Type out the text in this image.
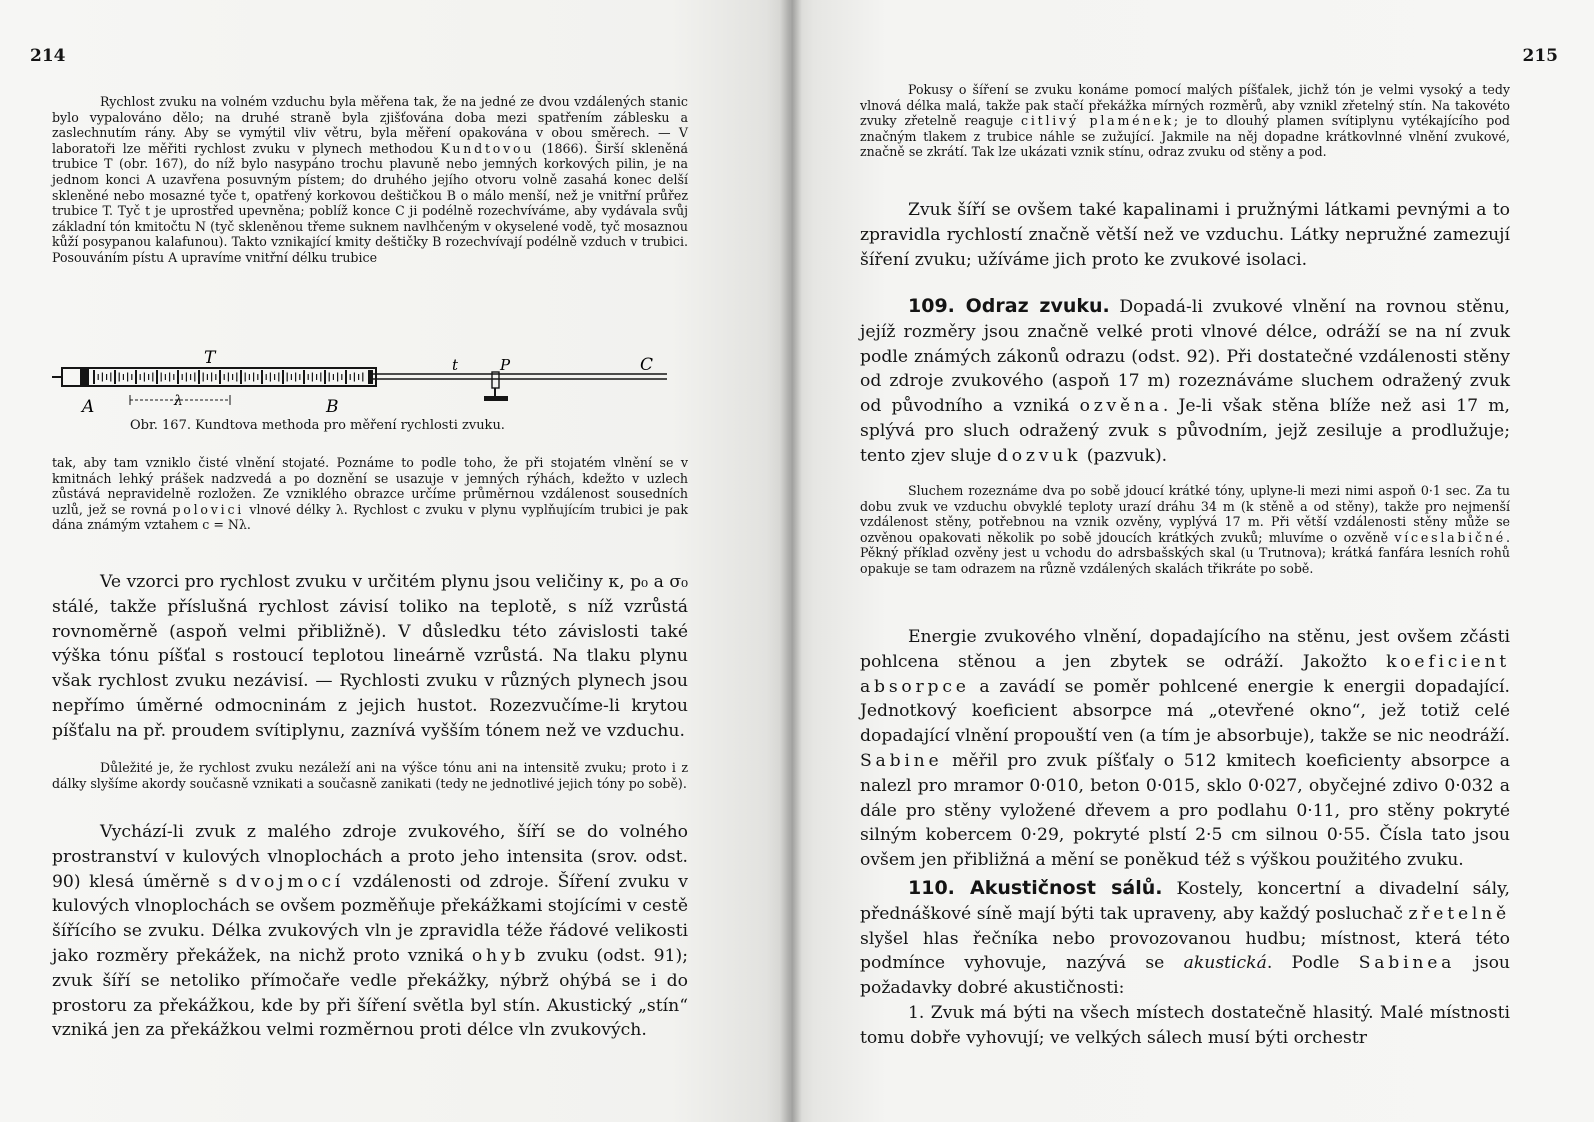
214

Rychlost zvuku na volném vzduchu byla měřena tak, že na jedné ze dvou vzdálených stanic bylo vypalováno dělo; na druhé straně byla zjišťována doba mezi spatřením záblesku a zaslechnutím rány. Aby se vymýtil vliv větru, byla měření opakována v obou směrech. — V laboratoři lze měřiti rychlost zvuku v plynech methodou Kundtovou (1866). Širší skleněná trubice T (obr. 167), do níž bylo nasypáno trochu plavuně nebo jemných korkových pilin, je na jednom konci A uzavřena posuvným pístem; do druhého jejího otvoru volně zasahá konec delší skleněné nebo mosazné tyče t, opatřený korkovou deštičkou B o málo menší, než je vnitřní průřez trubice T. Tyč t je uprostřed upevněna; poblíž konce C ji podélně rozechvíváme, aby vydávala svůj základní tón kmitočtu N (tyč skleněnou třeme suknem navlhčeným v okyselené vodě, tyč mosaznou kůží posypanou kalafunou). Takto vznikající kmity deštičky B rozechvívají podélně vzduch v trubici. Posouváním pístu A upravíme vnitřní délku trubice

T	t	P	C
A	λ	B
Obr. 167. Kundtova methoda pro měření rychlosti zvuku.

tak, aby tam vzniklo čisté vlnění stojaté. Poznáme to podle toho, že při stojatém vlnění se v kmitnách lehký prášek nadzvedá a po doznění se usazuje v jemných rýhách, kdežto v uzlech zůstává nepravidelně rozložen. Ze vzniklého obrazce určíme průměrnou vzdálenost sousedních uzlů, jež se rovná polovici vlnové délky λ. Rychlost c zvuku v plynu vyplňujícím trubici je pak dána známým vztahem c = Nλ.

Ve vzorci pro rychlost zvuku v určitém plynu jsou veličiny κ, p₀ a σ₀ stálé, takže příslušná rychlost závisí toliko na teplotě, s níž vzrůstá rovnoměrně (aspoň velmi přibližně). V důsledku této závislosti také výška tónu píšťal s rostoucí teplotou lineárně vzrůstá. Na tlaku plynu však rychlost zvuku nezávisí. — Rychlosti zvuku v různých plynech jsou nepřímo úměrné odmocninám z jejich hustot. Rozezvučíme-li krytou píšťalu na př. proudem svítiplynu, zaznívá vyšším tónem než ve vzduchu.

Důležité je, že rychlost zvuku nezáleží ani na výšce tónu ani na intensitě zvuku; proto i z dálky slyšíme akordy současně vznikati a současně zanikati (tedy ne jednotlivé jejich tóny po sobě).

Vychází-li zvuk z malého zdroje zvukového, šíří se do volného prostranství v kulových vlnoplochách a proto jeho intensita (srov. odst. 90) klesá úměrně s dvojmocí vzdálenosti od zdroje. Šíření zvuku v kulových vlnoplochách se ovšem pozměňuje překážkami stojícími v cestě šířícího se zvuku. Délka zvukových vln je zpravidla téže řádové velikosti jako rozměry překážek, na nichž proto vzniká ohyb zvuku (odst. 91); zvuk šíří se netoliko přímočaře vedle překážky, nýbrž ohýbá se i do prostoru za překážkou, kde by při šíření světla byl stín. Akustický „stín“ vzniká jen za překážkou velmi rozměrnou proti délce vln zvukových.

215

Pokusy o šíření se zvuku konáme pomocí malých píšťalek, jichž tón je velmi vysoký a tedy vlnová délka malá, takže pak stačí překážka mírných rozměrů, aby vznikl zřetelný stín. Na takovéto zvuky zřetelně reaguje citlivý plamének; je to dlouhý plamen svítiplynu vytékajícího pod značným tlakem z trubice náhle se zužující. Jakmile na něj dopadne krátkovlnné vlnění zvukové, značně se zkrátí. Tak lze ukázati vznik stínu, odraz zvuku od stěny a pod.

Zvuk šíří se ovšem také kapalinami i pružnými látkami pevnými a to zpravidla rychlostí značně větší než ve vzduchu. Látky nepružné zamezují šíření zvuku; užíváme jich proto ke zvukové isolaci.

109. Odraz zvuku. Dopadá-li zvukové vlnění na rovnou stěnu, jejíž rozměry jsou značně velké proti vlnové délce, odráží se na ní zvuk podle známých zákonů odrazu (odst. 92). Při dostatečné vzdálenosti stěny od zdroje zvukového (aspoň 17 m) rozeznáváme sluchem odražený zvuk od původního a vzniká ozvěna. Je-li však stěna blíže než asi 17 m, splývá pro sluch odražený zvuk s původním, jejž zesiluje a prodlužuje; tento zjev sluje dozvuk (pazvuk).

Sluchem rozeznáme dva po sobě jdoucí krátké tóny, uplyne-li mezi nimi aspoň 0·1 sec. Za tu dobu zvuk ve vzduchu obvyklé teploty urazí dráhu 34 m (k stěně a od stěny), takže pro nejmenší vzdálenost stěny, potřebnou na vznik ozvěny, vyplývá 17 m. Při větší vzdálenosti stěny může se ozvěnou opakovati několik po sobě jdoucích krátkých zvuků; mluvíme o ozvěně víceslabičné. Pěkný příklad ozvěny jest u vchodu do adrsbašských skal (u Trutnova); krátká fanfára lesních rohů opakuje se tam odrazem na různě vzdálených skalách třikráte po sobě.

Energie zvukového vlnění, dopadajícího na stěnu, jest ovšem zčásti pohlcena stěnou a jen zbytek se odráží. Jakožto koeficient absorpce a zavádí se poměr pohlcené energie k energii dopadající. Jednotkový koeficient absorpce má „otevřené okno“, jež totiž celé dopadající vlnění propouští ven (a tím je absorbuje), takže se nic neodráží. Sabine měřil pro zvuk píšťaly o 512 kmitech koeficienty absorpce a nalezl pro mramor 0·010, beton 0·015, sklo 0·027, obyčejné zdivo 0·032 a dále pro stěny vyložené dřevem a pro podlahu 0·11, pro stěny pokryté silným kobercem 0·29, pokryté plstí 2·5 cm silnou 0·55. Čísla tato jsou ovšem jen přibližná a mění se poněkud též s výškou použitého zvuku.

110. Akustičnost sálů. Kostely, koncertní a divadelní sály, přednáškové síně mají býti tak upraveny, aby každý posluchač zřetelně slyšel hlas řečníka nebo provozovanou hudbu; místnost, která této podmínce vyhovuje, nazývá se akustická. Podle Sabinea jsou požadavky dobré akustičnosti:

1. Zvuk má býti na všech místech dostatečně hlasitý. Malé místnosti tomu dobře vyhovují; ve velkých sálech musí býti orchestr
